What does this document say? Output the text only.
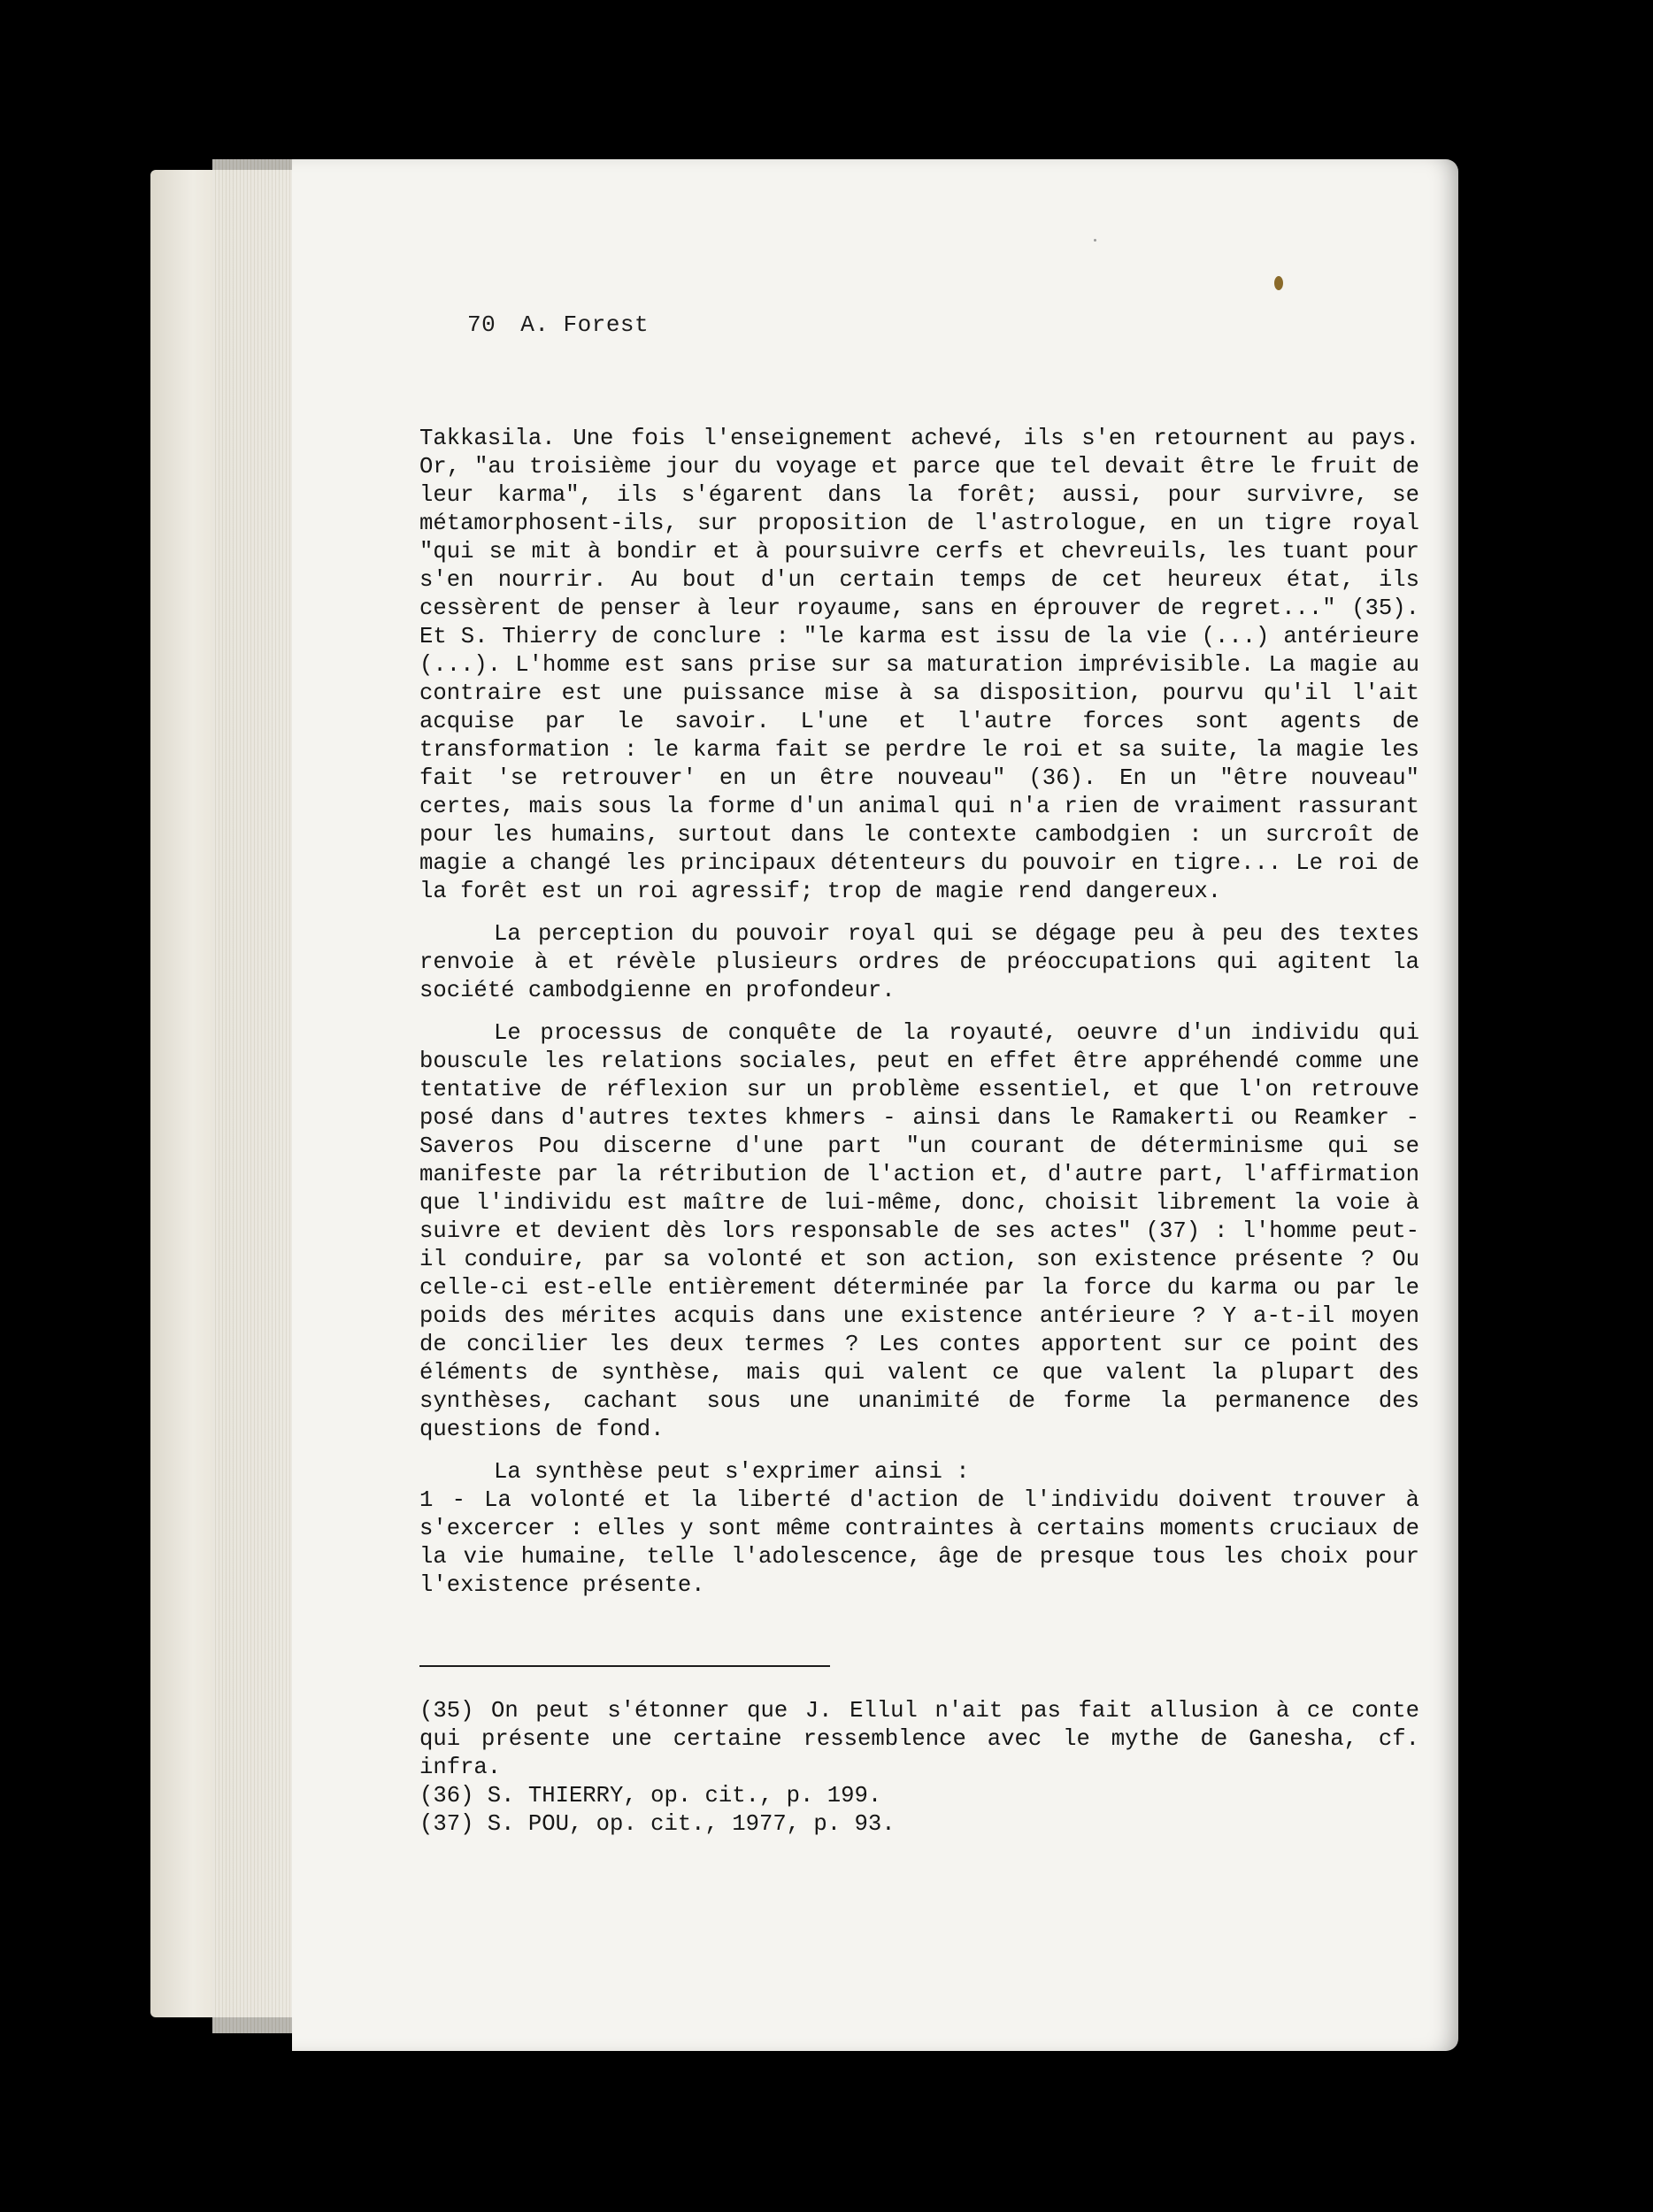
70 A. Forest

Takkasila. Une fois l'enseignement achevé, ils s'en retournent au pays. Or, "au troisième jour du voyage et parce que tel devait être le fruit de leur karma", ils s'égarent dans la forêt; aussi, pour survivre, se métamorphosent-ils, sur proposition de l'astrologue, en un tigre royal "qui se mit à bondir et à poursuivre cerfs et chevreuils, les tuant pour s'en nourrir. Au bout d'un certain temps de cet heureux état, ils cessèrent de penser à leur royaume, sans en éprouver de regret..." (35). Et S. Thierry de conclure : "le karma est issu de la vie (...) antérieure (...). L'homme est sans prise sur sa maturation imprévisible. La magie au contraire est une puissance mise à sa disposition, pourvu qu'il l'ait acquise par le savoir. L'une et l'autre forces sont agents de transformation : le karma fait se perdre le roi et sa suite, la magie les fait 'se retrouver' en un être nouveau" (36). En un "être nouveau" certes, mais sous la forme d'un animal qui n'a rien de vraiment rassurant pour les humains, surtout dans le contexte cambodgien : un surcroît de magie a changé les principaux détenteurs du pouvoir en tigre... Le roi de la forêt est un roi agressif; trop de magie rend dangereux.

La perception du pouvoir royal qui se dégage peu à peu des textes renvoie à et révèle plusieurs ordres de préoccupations qui agitent la société cambodgienne en profondeur.

Le processus de conquête de la royauté, oeuvre d'un individu qui bouscule les relations sociales, peut en effet être appréhendé comme une tentative de réflexion sur un problème essentiel, et que l'on retrouve posé dans d'autres textes khmers - ainsi dans le Ramakerti ou Reamker - Saveros Pou discerne d'une part "un courant de déterminisme qui se manifeste par la rétribution de l'action et, d'autre part, l'affirmation que l'individu est maître de lui-même, donc, choisit librement la voie à suivre et devient dès lors responsable de ses actes" (37) : l'homme peut-il conduire, par sa volonté et son action, son existence présente ? Ou celle-ci est-elle entièrement déterminée par la force du karma ou par le poids des mérites acquis dans une existence antérieure ? Y a-t-il moyen de concilier les deux termes ? Les contes apportent sur ce point des éléments de synthèse, mais qui valent ce que valent la plupart des synthèses, cachant sous une unanimité de forme la permanence des questions de fond.

La synthèse peut s'exprimer ainsi :

1 - La volonté et la liberté d'action de l'individu doivent trouver à s'excercer : elles y sont même contraintes à certains moments cruciaux de la vie humaine, telle l'adolescence, âge de presque tous les choix pour l'existence présente.

(35) On peut s'étonner que J. Ellul n'ait pas fait allusion à ce conte qui présente une certaine ressemblence avec le mythe de Ganesha, cf. infra.

(36) S. THIERRY, op. cit., p. 199.

(37) S. POU, op. cit., 1977, p. 93.
